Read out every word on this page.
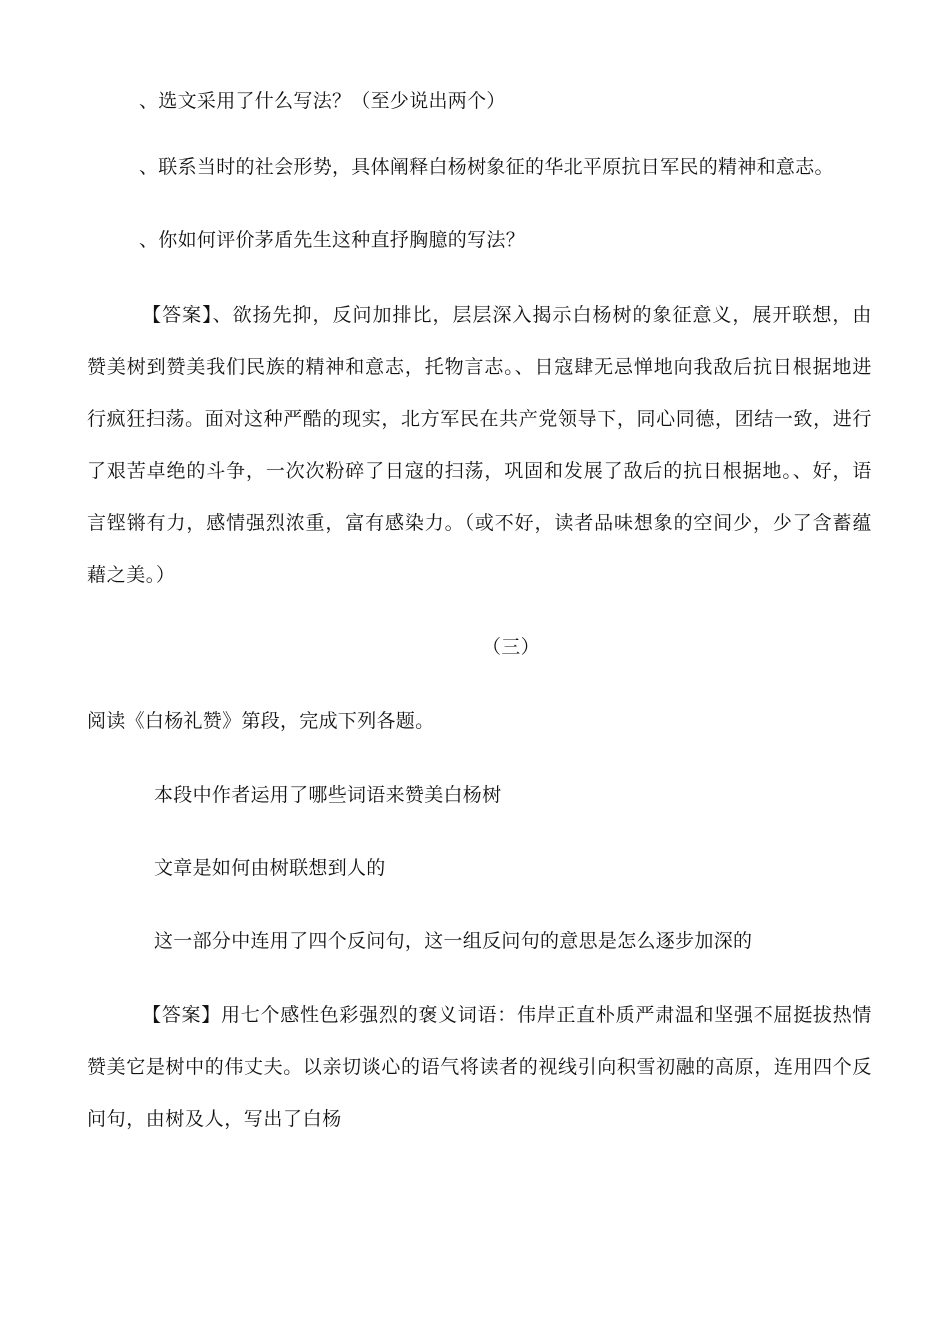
、选文采用了什么写法？（至少说出两个）
、联系当时的社会形势，具体阐释白杨树象征的华北平原抗日军民的精神和意志。
、你如何评价茅盾先生这种直抒胸臆的写法？

【答案】、欲扬先抑，反问加排比，层层深入揭示白杨树的象征意义，展开联想，由赞美树到赞美我们民族的精神和意志，托物言志。、日寇肆无忌惮地向我敌后抗日根据地进行疯狂扫荡。面对这种严酷的现实，北方军民在共产党领导下，同心同德，团结一致，进行了艰苦卓绝的斗争，一次次粉碎了日寇的扫荡，巩固和发展了敌后的抗日根据地。、好，语言铿锵有力，感情强烈浓重，富有感染力。（或不好，读者品味想象的空间少，少了含蓄蕴藉之美。）

（三）
阅读《白杨礼赞》第段，完成下列各题。
本段中作者运用了哪些词语来赞美白杨树
文章是如何由树联想到人的
这一部分中连用了四个反问句，这一组反问句的意思是怎么逐步加深的

【答案】用七个感性色彩强烈的褒义词语：伟岸正直朴质严肃温和坚强不屈挺拔热情赞美它是树中的伟丈夫。以亲切谈心的语气将读者的视线引向积雪初融的高原，连用四个反问句，由树及人，写出了白杨
